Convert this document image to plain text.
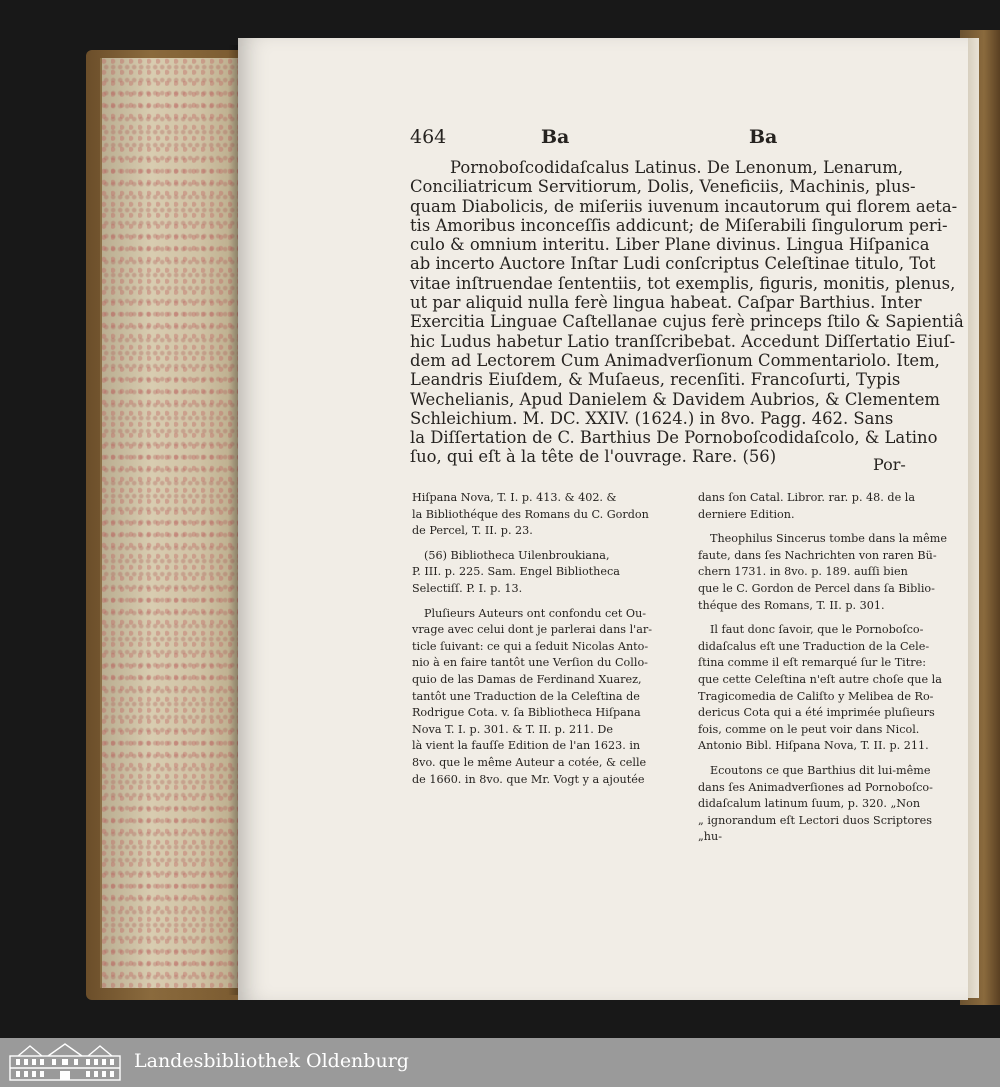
464	Ba	Ba
Pornoboſcodidaſcalus Latinus. De Lenonum, Lenarum,
Conciliatricum Servitiorum, Dolis, Veneficiis, Machinis, plus-
quam Diabolicis, de miſeriis iuvenum incautorum qui florem aeta-
tis Amoribus inconceſſis addicunt; de Miſerabili ſingulorum peri-
culo & omnium interitu. Liber Plane divinus. Lingua Hiſpanica
ab incerto Auctore Inſtar Ludi conſcriptus Celeſtinae titulo, Tot
vitae inſtruendae ſententiis, tot exemplis, figuris, monitis, plenus,
ut par aliquid nulla ferè lingua habeat. Caſpar Barthius. Inter
Exercitia Linguae Caſtellanae cujus ferè princeps ſtilo & Sapientiâ
hic Ludus habetur Latio tranſſcribebat. Accedunt Diſſertatio Eiuſ-
dem ad Lectorem Cum Animadverſionum Commentariolo. Item,
Leandris Eiuſdem, & Muſaeus, recenſiti. Francoſurti, Typis
Wechelianis, Apud Danielem & Davidem Aubrios, & Clementem
Schleichium. M. DC. XXIV. (1624.) in 8vo. Pagg. 462. Sans
la Diſſertation de C. Barthius De Pornoboſcodidaſcolo, & Latino
ſuo, qui eſt à la tête de l'ouvrage. Rare. (56)	Por-

Hiſpana Nova, T. I. p. 413. & 402. &
la Bibliothéque des Romans du C. Gordon
de Percel, T. II. p. 23.

(56) Bibliotheca Uilenbroukiana,
P. III. p. 225. Sam. Engel Bibliotheca
Selectiſſ. P. I. p. 13.

Pluſieurs Auteurs ont confondu cet Ou-
vrage avec celui dont je parlerai dans l'ar-
ticle ſuivant: ce qui a ſeduit Nicolas Anto-
nio à en faire tantôt une Verſion du Collo-
quio de las Damas de Ferdinand Xuarez,
tantôt une Traduction de la Celeſtina de
Rodrigue Cota. v. ſa Bibliotheca Hiſpana
Nova T. I. p. 301. & T. II. p. 211. De
là vient la fauſſe Edition de l'an 1623. in
8vo. que le même Auteur a cotée, & celle
de 1660. in 8vo. que Mr. Vogt y a ajoutée

dans ſon Catal. Libror. rar. p. 48. de la
derniere Edition.

Theophilus Sincerus tombe dans la même
faute, dans ſes Nachrichten von raren Bü-
chern 1731. in 8vo. p. 189. auſſi bien
que le C. Gordon de Percel dans ſa Biblio-
théque des Romans, T. II. p. 301.

Il faut donc ſavoir, que le Pornoboſco-
didaſcalus eſt une Traduction de la Cele-
ſtina comme il eſt remarqué ſur le Titre:
que cette Celeſtina n'eſt autre choſe que la
Tragicomedia de Caliſto y Melibea de Ro-
dericus Cota qui a été imprimée pluſieurs
fois, comme on le peut voir dans Nicol.
Antonio Bibl. Hiſpana Nova, T. II. p. 211.

Ecoutons ce que Barthius dit lui-même
dans ſes Animadverſiones ad Pornoboſco-
didaſcalum latinum ſuum, p. 320. „Non
„ ignorandum eſt Lectori duos Scriptores
„hu-

Landesbibliothek Oldenburg
